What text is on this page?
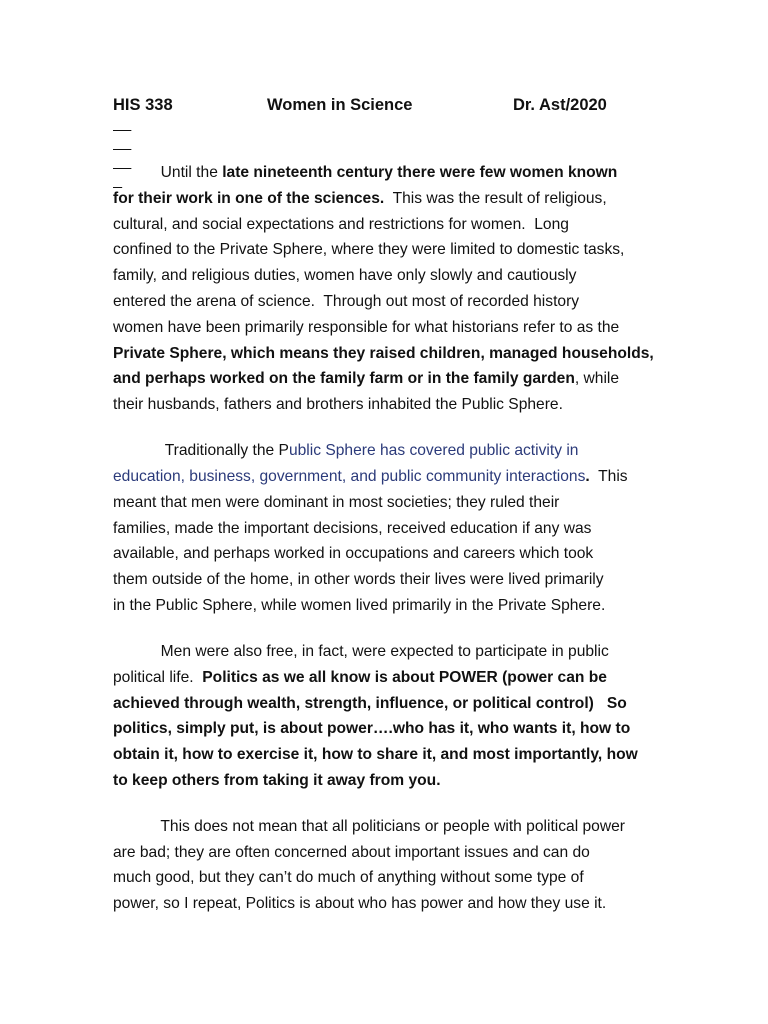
HIS 338

	Women in Science

	Dr. Ast/2020

Until the late nineteenth century there were few women known
for their work in one of the sciences.  This was the result of religious,
cultural, and social expectations and restrictions for women.  Long
confined to the Private Sphere, where they were limited to domestic tasks,
family, and religious duties, women have only slowly and cautiously
entered the arena of science.  Through out most of recorded history
women have been primarily responsible for what historians refer to as the
Private Sphere, which means they raised children, managed households,
and perhaps worked on the family farm or in the family garden, while
their husbands, fathers and brothers inhabited the Public Sphere.
Traditionally the Public Sphere has covered public activity in
education, business, government, and public community interactions.  This
meant that men were dominant in most societies; they ruled their
families, made the important decisions, received education if any was
available, and perhaps worked in occupations and careers which took
them outside of the home, in other words their lives were lived primarily
in the Public Sphere, while women lived primarily in the Private Sphere.
Men were also free, in fact, were expected to participate in public
political life.  Politics as we all know is about POWER (power can be
achieved through wealth, strength, influence, or political control)   So
politics, simply put, is about power….who has it, who wants it, how to
obtain it, how to exercise it, how to share it, and most importantly, how
to keep others from taking it away from you.
This does not mean that all politicians or people with political power
are bad; they are often concerned about important issues and can do
much good, but they can’t do much of anything without some type of
power, so I repeat, Politics is about who has power and how they use it.
